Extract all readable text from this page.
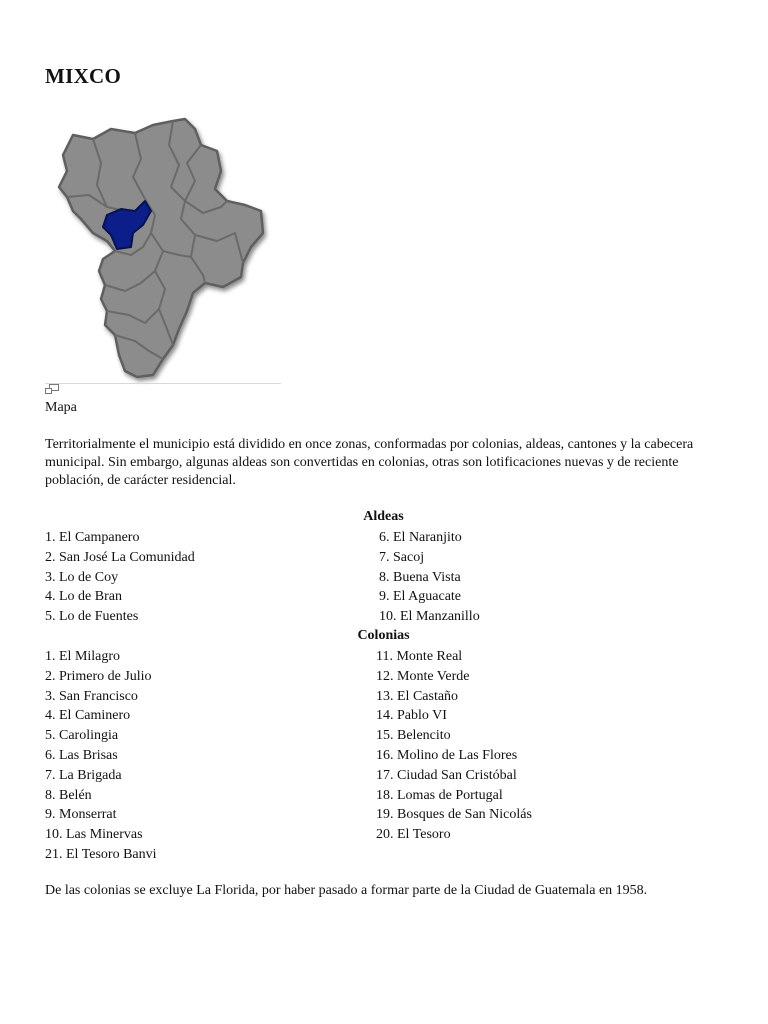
MIXCO
Mapa
Territorialmente el municipio está dividido en once zonas, conformadas por colonias, aldeas, cantones y la cabecera municipal. Sin embargo, algunas aldeas son convertidas en colonias, otras son lotificaciones nuevas y de reciente población, de carácter residencial.
Aldeas
1. El Campanero
2. San José La Comunidad
3. Lo de Coy
4. Lo de Bran
5. Lo de Fuentes
6. El Naranjito
7. Sacoj
8. Buena Vista
9. El Aguacate
10. El Manzanillo
Colonias
1. El Milagro
2. Primero de Julio
3. San Francisco
4. El Caminero
5. Carolingia
6. Las Brisas
7. La Brigada
8. Belén
9. Monserrat
10. Las Minervas
21. El Tesoro Banvi
11. Monte Real
12. Monte Verde
13. El Castaño
14. Pablo VI
15. Belencito
16. Molino de Las Flores
17. Ciudad San Cristóbal
18. Lomas de Portugal
19. Bosques de San Nicolás
20. El Tesoro
De las colonias se excluye La Florida, por haber pasado a formar parte de la Ciudad de Guatemala en 1958.
